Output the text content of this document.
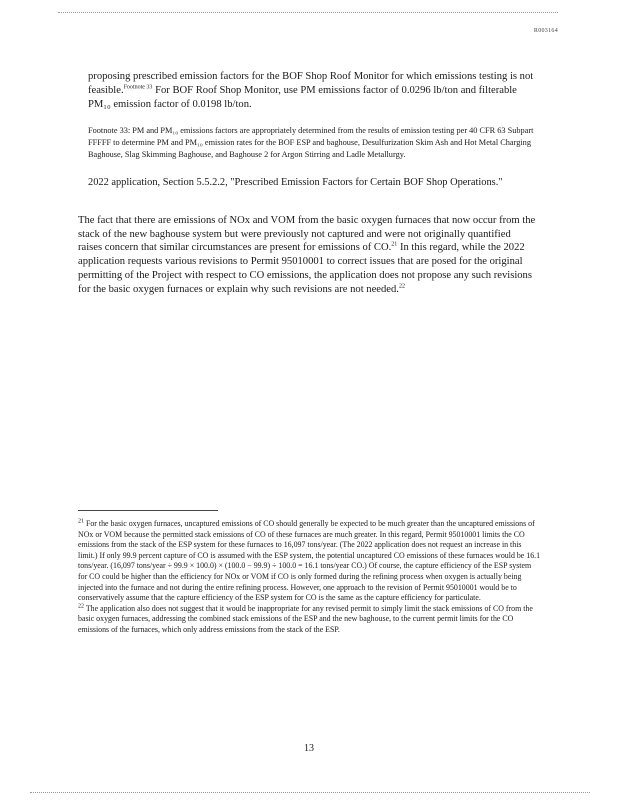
R003164
proposing prescribed emission factors for the BOF Shop Roof Monitor for which emissions testing is not feasible.$^{Footnote 33}$ For BOF Roof Shop Monitor, use PM emissions factor of 0.0296 lb/ton and filterable PM₁₀ emission factor of 0.0198 lb/ton.
Footnote 33: PM and PM₁₀ emissions factors are appropriately determined from the results of emission testing per 40 CFR 63 Subpart FFFFF to determine PM and PM₁₀ emission rates for the BOF ESP and baghouse, Desulfurization Skim Ash and Hot Metal Charging Baghouse, Slag Skimming Baghouse, and Baghouse 2 for Argon Stirring and Ladle Metallurgy.
2022 application, Section 5.5.2.2, "Prescribed Emission Factors for Certain BOF Shop Operations."
The fact that there are emissions of NOx and VOM from the basic oxygen furnaces that now occur from the stack of the new baghouse system but were previously not captured and were not originally quantified raises concern that similar circumstances are present for emissions of CO.$^{21}$ In this regard, while the 2022 application requests various revisions to Permit 95010001 to correct issues that are posed for the original permitting of the Project with respect to CO emissions, the application does not propose any such revisions for the basic oxygen furnaces or explain why such revisions are not needed.$^{22}$

$^{21}$ For the basic oxygen furnaces, uncaptured emissions of CO should generally be expected to be much greater than the uncaptured emissions of NOx or VOM because the permitted stack emissions of CO of these furnaces are much greater. In this regard, Permit 95010001 limits the CO emissions from the stack of the ESP system for these furnaces to 16,097 tons/year. (The 2022 application does not request an increase in this limit.) If only 99.9 percent capture of CO is assumed with the ESP system, the potential uncaptured CO emissions of these furnaces would be 16.1 tons/year. (16,097 tons/year ÷ 99.9 × 100.0) × (100.0 − 99.9) ÷ 100.0 = 16.1 tons/year CO.) Of course, the capture efficiency of the ESP system for CO could be higher than the efficiency for NOx or VOM if CO is only formed during the refining process when oxygen is actually being injected into the furnace and not during the entire refining process. However, one approach to the revision of Permit 95010001 would be to conservatively assume that the capture efficiency of the ESP system for CO is the same as the capture efficiency for particulate.

$^{22}$ The application also does not suggest that it would be inappropriate for any revised permit to simply limit the stack emissions of CO from the basic oxygen furnaces, addressing the combined stack emissions of the ESP and the new baghouse, to the current permit limits for the CO emissions of the furnaces, which only address emissions from the stack of the ESP.

13
